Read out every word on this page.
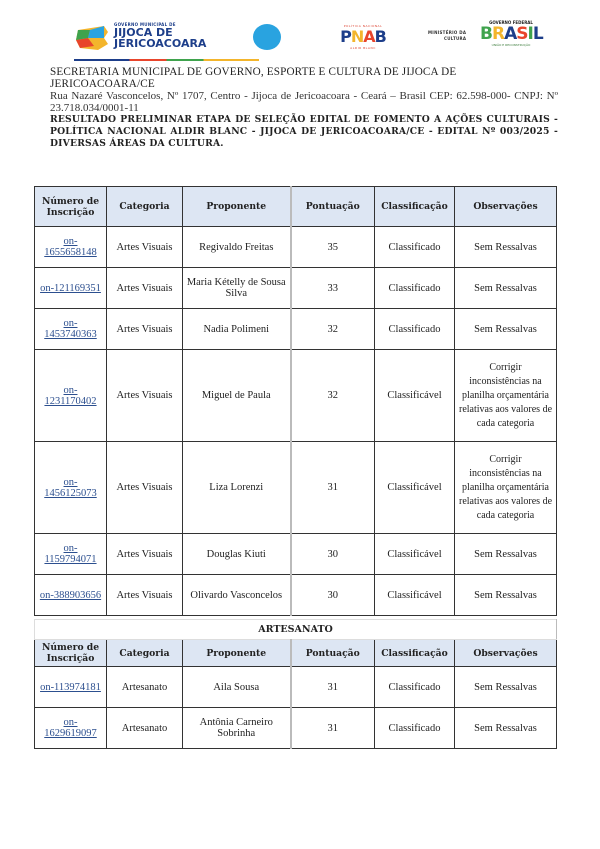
GOVERNO MUNICIPAL DE
JIJOCA DE
JERICOACOARA
POLÍTICA NACIONAL
PNAB
ALDIR BLANC
MINISTÉRIO DA
CULTURA
GOVERNO FEDERAL
BRASIL
UNIÃO E RECONSTRUÇÃO
SECRETARIA MUNICIPAL DE GOVERNO, ESPORTE E CULTURA DE JIJOCA DE JERICOACOARA/CE
Rua Nazaré Vasconcelos, Nº 1707, Centro - Jijoca de Jericoacoara - Ceará – Brasil CEP: 62.598-000- CNPJ: Nº 23.718.034/0001-11
RESULTADO PRELIMINAR ETAPA DE SELEÇÃO EDITAL DE FOMENTO A AÇÕES CULTURAIS - POLÍTICA NACIONAL ALDIR BLANC - JIJOCA DE JERICOACOARA/CE - EDITAL Nº 003/2025 - DIVERSAS ÁREAS DA CULTURA.
Número de Inscrição	Categoria	Proponente	Pontuação	Classificação	Observações
on-1655658148	Artes Visuais	Regivaldo Freitas	35	Classificado	Sem Ressalvas
on-121169351	Artes Visuais	Maria Kételly de Sousa Silva	33	Classificado	Sem Ressalvas
on-1453740363	Artes Visuais	Nadia Polimeni	32	Classificado	Sem Ressalvas
on-1231170402	Artes Visuais	Miguel de Paula	32	Classificável	Corrigir inconsistências na planilha orçamentária relativas aos valores de cada categoria
on-1456125073	Artes Visuais	Liza Lorenzi	31	Classificável	Corrigir inconsistências na planilha orçamentária relativas aos valores de cada categoria
on-1159794071	Artes Visuais	Douglas Kiuti	30	Classificável	Sem Ressalvas
on-388903656	Artes Visuais	Olivardo Vasconcelos	30	Classificável	Sem Ressalvas
ARTESANATO					
Número de Inscrição	Categoria	Proponente	Pontuação	Classificação	Observações
on-113974181	Artesanato	Aila Sousa	31	Classificado	Sem Ressalvas
on-1629619097	Artesanato	Antônia Carneiro Sobrinha	31	Classificado	Sem Ressalvas
